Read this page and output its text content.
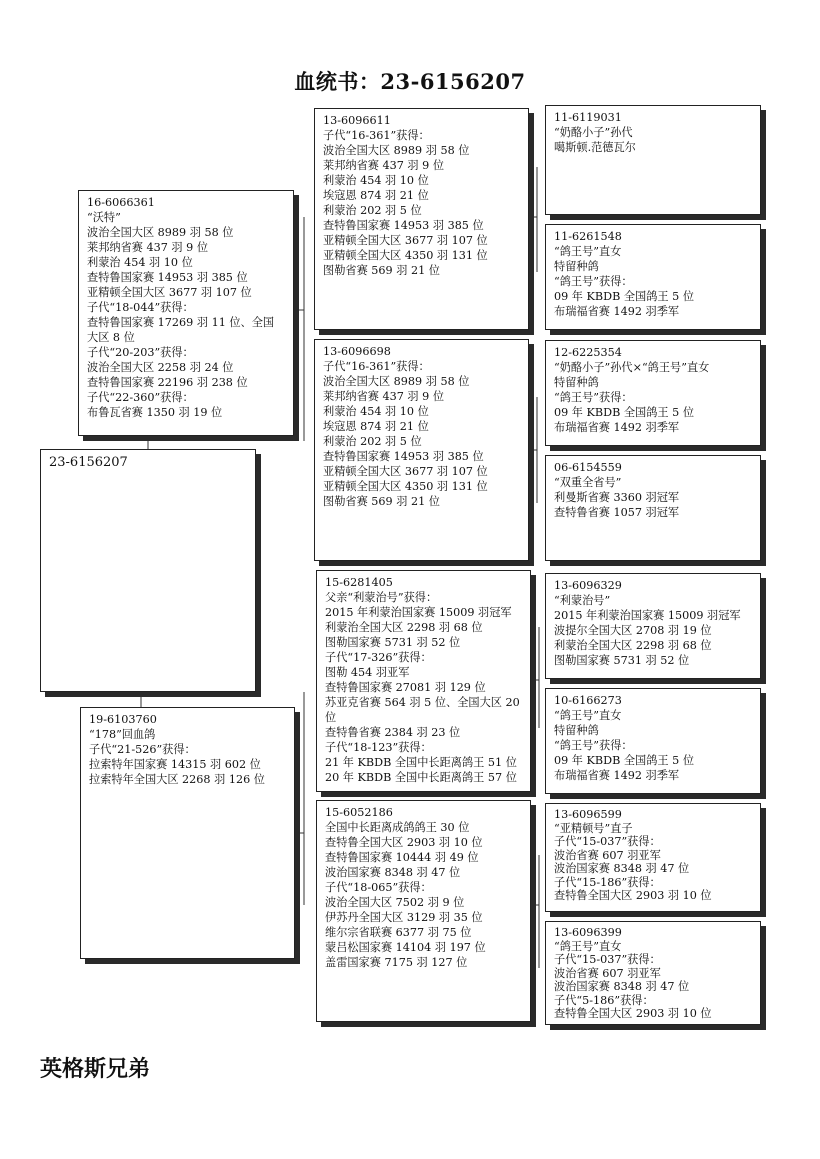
血统书：23-6156207
23-6156207
16-6066361
“沃特”
波治全国大区 8989 羽 58 位
莱邦纳省赛 437 羽 9 位
利蒙治 454 羽 10 位
查特鲁国家赛 14953 羽 385 位
亚精顿全国大区 3677 羽 107 位
子代“18-044”获得：
查特鲁国家赛 17269 羽 11 位、全国大区 8 位
子代“20-203”获得：
波治全国大区 2258 羽 24 位
查特鲁国家赛 22196 羽 238 位
子代“22-360”获得：
布鲁瓦省赛 1350 羽 19 位
19-6103760
“178”回血鸽
子代“21-526”获得：
拉索特年国家赛 14315 羽 602 位
拉索特年全国大区 2268 羽 126 位
13-6096611
子代“16-361”获得：
波治全国大区 8989 羽 58 位
莱邦纳省赛 437 羽 9 位
利蒙治 454 羽 10 位
埃寇恩 874 羽 21 位
利蒙治 202 羽 5 位
查特鲁国家赛 14953 羽 385 位
亚精顿全国大区 3677 羽 107 位
亚精顿全国大区 4350 羽 131 位
图勒省赛 569 羽 21 位
13-6096698
子代“16-361”获得：
波治全国大区 8989 羽 58 位
莱邦纳省赛 437 羽 9 位
利蒙治 454 羽 10 位
埃寇恩 874 羽 21 位
利蒙治 202 羽 5 位
查特鲁国家赛 14953 羽 385 位
亚精顿全国大区 3677 羽 107 位
亚精顿全国大区 4350 羽 131 位
图勒省赛 569 羽 21 位
15-6281405
父亲“利蒙治号”获得：
2015 年利蒙治国家赛 15009 羽冠军
利蒙治全国大区 2298 羽 68 位
图勒国家赛 5731 羽 52 位
子代“17-326”获得：
图勒 454 羽亚军
查特鲁国家赛 27081 羽 129 位
苏亚克省赛 564 羽 5 位、全国大区 20 位
查特鲁省赛 2384 羽 23 位
子代“18-123”获得：
21 年 KBDB 全国中长距离鸽王 51 位
20 年 KBDB 全国中长距离鸽王 57 位
15-6052186
全国中长距离成鸽鸽王 30 位
查特鲁全国大区 2903 羽 10 位
查特鲁国家赛 10444 羽 49 位
波治国家赛 8348 羽 47 位
子代“18-065”获得：
波治全国大区 7502 羽 9 位
伊苏丹全国大区 3129 羽 35 位
维尔宗省联赛 6377 羽 75 位
蒙吕松国家赛 14104 羽 197 位
盖雷国家赛 7175 羽 127 位
11-6119031
“奶酪小子”孙代
噶斯顿.范德瓦尔
11-6261548
“鸽王号”直女
特留种鸽
“鸽王号”获得：
09 年 KBDB 全国鸽王 5 位
布瑞福省赛 1492 羽季军
12-6225354
“奶酪小子”孙代×“鸽王号”直女
特留种鸽
“鸽王号”获得：
09 年 KBDB 全国鸽王 5 位
布瑞福省赛 1492 羽季军
06-6154559
“双重全省号”
利曼斯省赛 3360 羽冠军
查特鲁省赛 1057 羽冠军
13-6096329
“利蒙治号”
2015 年利蒙治国家赛 15009 羽冠军
波提尔全国大区 2708 羽 19 位
利蒙治全国大区 2298 羽 68 位
图勒国家赛 5731 羽 52 位
10-6166273
“鸽王号”直女
特留种鸽
“鸽王号”获得：
09 年 KBDB 全国鸽王 5 位
布瑞福省赛 1492 羽季军
13-6096599
“亚精顿号”直子
子代“15-037”获得：
波治省赛 607 羽亚军
波治国家赛 8348 羽 47 位
子代“15-186”获得：
查特鲁全国大区 2903 羽 10 位
13-6096399
“鸽王号”直女
子代“15-037”获得：
波治省赛 607 羽亚军
波治国家赛 8348 羽 47 位
子代“5-186”获得：
查特鲁全国大区 2903 羽 10 位
英格斯兄弟
